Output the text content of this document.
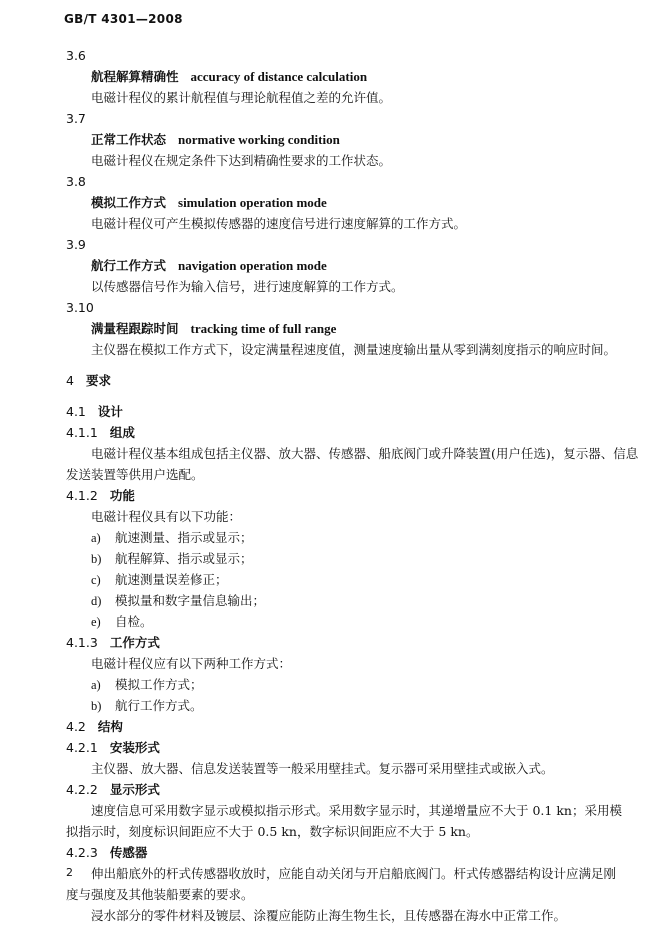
GB/T 4301—2008
3.6
航程解算精确性 accuracy of distance calculation
电磁计程仪的累计航程值与理论航程值之差的允许值。
3.7
正常工作状态 normative working condition
电磁计程仪在规定条件下达到精确性要求的工作状态。
3.8
模拟工作方式 simulation operation mode
电磁计程仪可产生模拟传感器的速度信号进行速度解算的工作方式。
3.9
航行工作方式 navigation operation mode
以传感器信号作为输入信号，进行速度解算的工作方式。
3.10
满量程跟踪时间 tracking time of full range
主仪器在模拟工作方式下，设定满量程速度值，测量速度输出量从零到满刻度指示的响应时间。
4 要求
4.1 设计
4.1.1 组成
电磁计程仪基本组成包括主仪器、放大器、传感器、船底阀门或升降装置(用户任选)，复示器、信息
发送装置等供用户选配。
4.1.2 功能
电磁计程仪具有以下功能：
a) 航速测量、指示或显示；
b) 航程解算、指示或显示；
c) 航速测量误差修正；
d) 模拟量和数字量信息输出；
e) 自检。
4.1.3 工作方式
电磁计程仪应有以下两种工作方式：
a) 模拟工作方式；
b) 航行工作方式。
4.2 结构
4.2.1 安装形式
主仪器、放大器、信息发送装置等一般采用壁挂式。复示器可采用壁挂式或嵌入式。
4.2.2 显示形式
速度信息可采用数字显示或模拟指示形式。采用数字显示时，其递增量应不大于 0.1 kn；采用模
拟指示时，刻度标识间距应不大于 0.5 kn，数字标识间距应不大于 5 kn。
4.2.3 传感器
伸出船底外的杆式传感器收放时，应能自动关闭与开启船底阀门。杆式传感器结构设计应满足刚
度与强度及其他装船要素的要求。
浸水部分的零件材料及镀层、涂覆应能防止海生物生长，且传感器在海水中正常工作。
2
